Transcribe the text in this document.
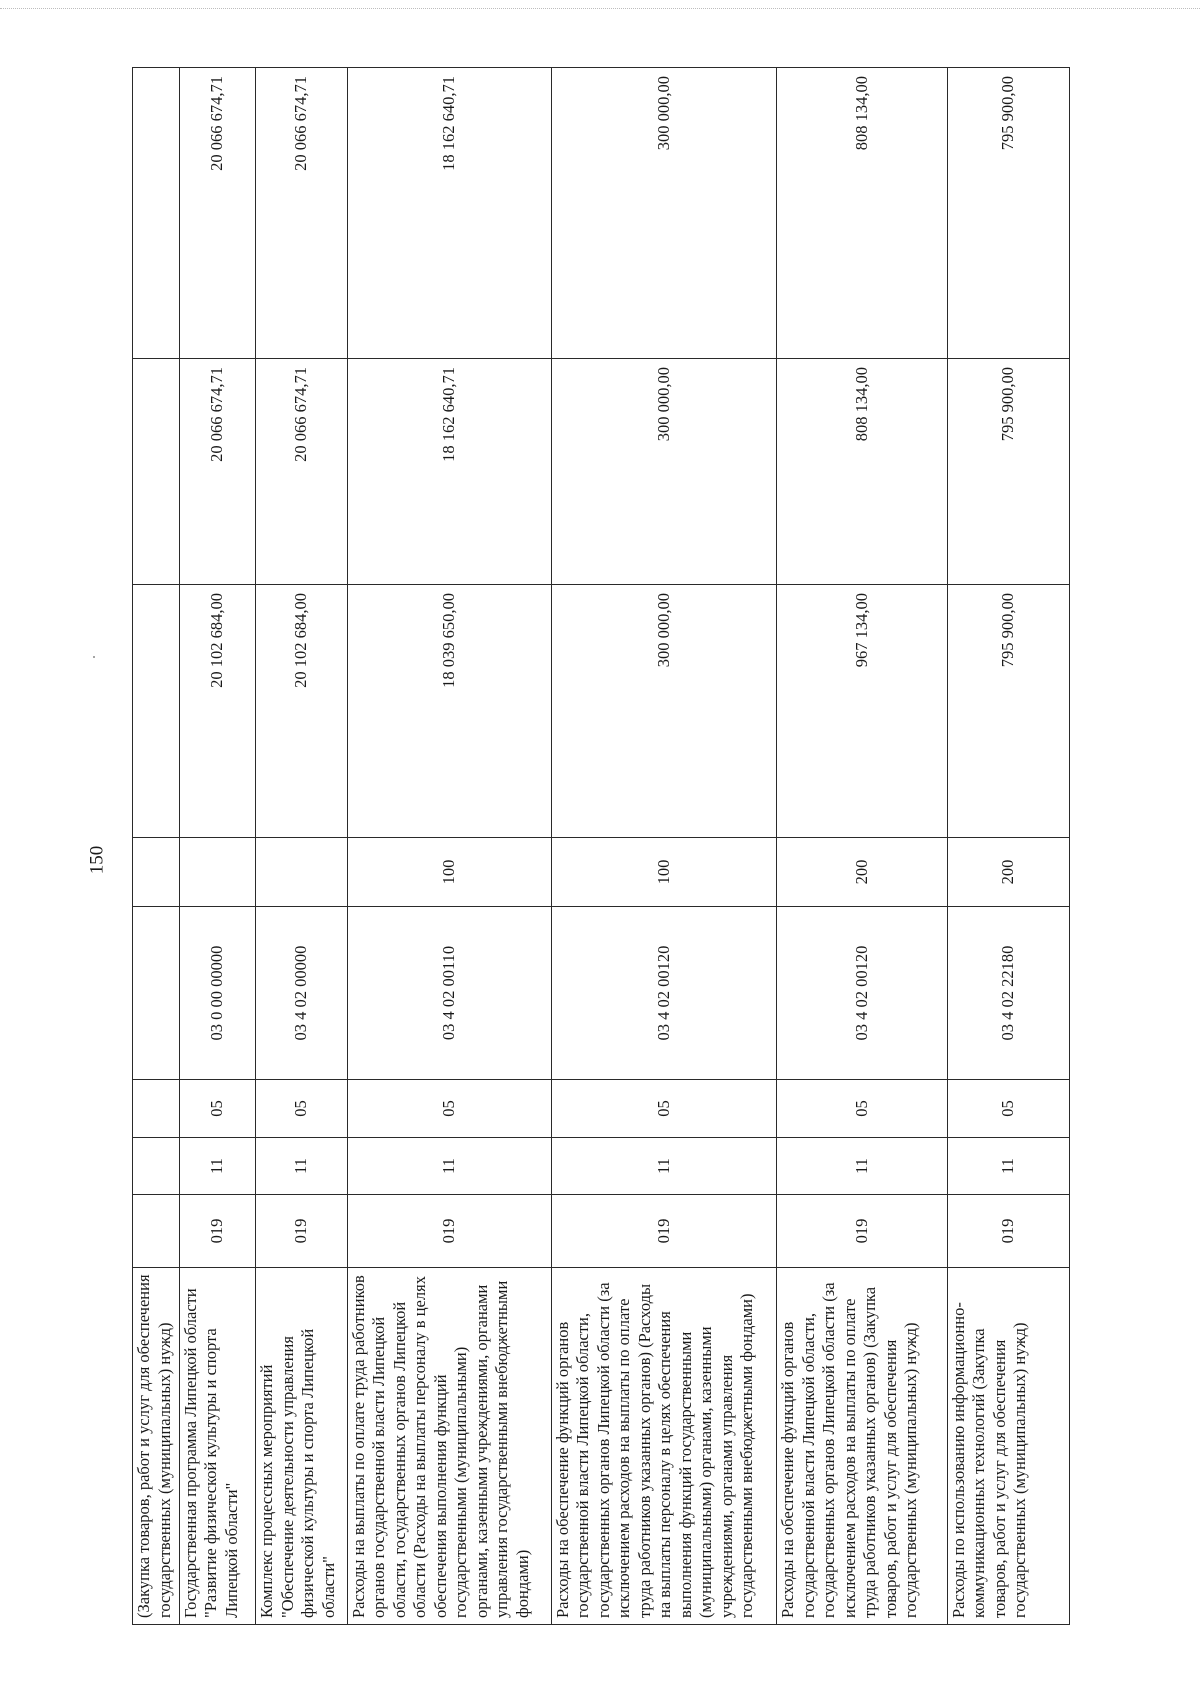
150
(Закупка товаров, работ и услуг для обеспечения государственных (муниципальных) нужд)								
Государственная программа Липецкой области "Развитие физической культуры и спорта Липецкой области"	019	11	05	03 0 00 00000		20 102 684,00	20 066 674,71	20 066 674,71
Комплекс процессных мероприятий "Обеспечение деятельности управления физической культуры и спорта Липецкой области"	019	11	05	03 4 02 00000		20 102 684,00	20 066 674,71	20 066 674,71
Расходы на выплаты по оплате труда работников органов государственной власти Липецкой области, государственных органов Липецкой области (Расходы на выплаты персоналу в целях обеспечения выполнения функций государственными (муниципальными) органами, казенными учреждениями, органами управления государственными внебюджетными фондами)	019	11	05	03 4 02 00110	100	18 039 650,00	18 162 640,71	18 162 640,71
Расходы на обеспечение функций органов государственной власти Липецкой области, государственных органов Липецкой области (за исключением расходов на выплаты по оплате труда работников указанных органов) (Расходы на выплаты персоналу в целях обеспечения выполнения функций государственными (муниципальными) органами, казенными учреждениями, органами управления государственными внебюджетными фондами)	019	11	05	03 4 02 00120	100	300 000,00	300 000,00	300 000,00
Расходы на обеспечение функций органов государственной власти Липецкой области, государственных органов Липецкой области (за исключением расходов на выплаты по оплате труда работников указанных органов) (Закупка товаров, работ и услуг для обеспечения государственных (муниципальных) нужд)	019	11	05	03 4 02 00120	200	967 134,00	808 134,00	808 134,00
Расходы по использованию информационно-коммуникационных технологий (Закупка товаров, работ и услуг для обеспечения государственных (муниципальных) нужд)	019	11	05	03 4 02 22180	200	795 900,00	795 900,00	795 900,00
